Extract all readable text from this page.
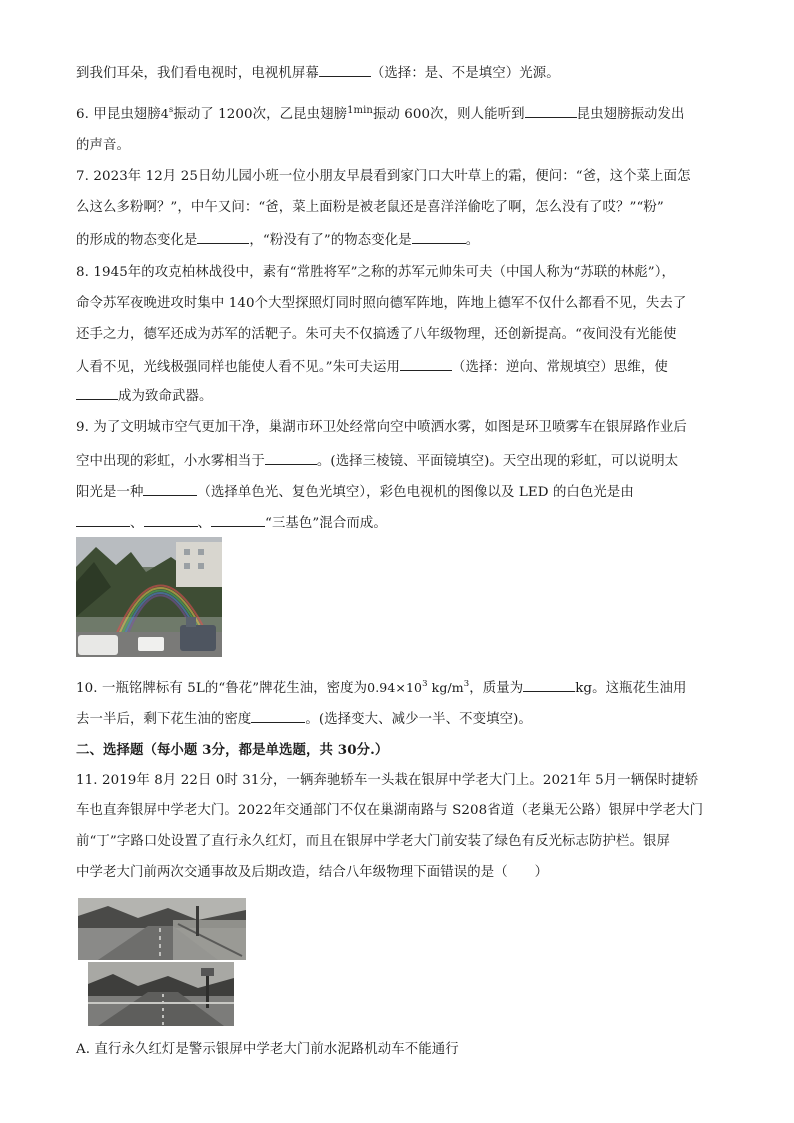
到我们耳朵，我们看电视时，电视机屏幕	（选择：是、不是填空）光源。
6. 甲昆虫翅膀4$^s$振动了 1200次，乙昆虫翅膀$^{1min}$振动 600次，则人能听到	昆虫翅膀振动发出
的声音。
7. 2023年 12月 25日幼儿园小班一位小朋友早晨看到家门口大叶草上的霜，便问：“爸，这个菜上面怎
么这么多粉啊？”，中午又问：“爸，菜上面粉是被老鼠还是喜洋洋偷吃了啊，怎么没有了哎？”“粉”
的形成的物态变化是	，“粉没有了”的物态变化是	。
8. 1945年的攻克柏林战役中，素有“常胜将军”之称的苏军元帅朱可夫（中国人称为“苏联的林彪”），
命令苏军夜晚进攻时集中 140个大型探照灯同时照向德军阵地，阵地上德军不仅什么都看不见，失去了
还手之力，德军还成为苏军的活靶子。朱可夫不仅搞透了八年级物理，还创新提高。“夜间没有光能使
人看不见，光线极强同样也能使人看不见。”朱可夫运用	（选择：逆向、常规填空）思维，使
成为致命武器。
9. 为了文明城市空气更加干净，巢湖市环卫处经常向空中喷洒水雾，如图是环卫喷雾车在银屏路作业后
空中出现的彩虹，小水雾相当于	。(选择三棱镜、平面镜填空)。天空出现的彩虹，可以说明太
阳光是一种	（选择单色光、复色光填空），彩色电视机的图像以及 LED 的白色光是由
、	、	“三基色”混合而成。
10. 一瓶铭牌标有 5L的“鲁花”牌花生油，密度为$0.94\times 10^3$ $kg/m^3$，质量为	kg。这瓶花生油用
去一半后，剩下花生油的密度	。(选择变大、减少一半、不变填空)。
二、选择题（每小题 3分，都是单选题，共 30分.）
11. 2019年 8月 22日 0时 31分，一辆奔驰轿车一头栽在银屏中学老大门上。2021年 5月一辆保时捷轿
车也直奔银屏中学老大门。2022年交通部门不仅在巢湖南路与 S208省道（老巢无公路）银屏中学老大门
前“丁”字路口处设置了直行永久红灯，而且在银屏中学老大门前安装了绿色有反光标志防护栏。银屏
中学老大门前两次交通事故及后期改造，结合八年级物理下面错误的是（　　）
A. 直行永久红灯是警示银屏中学老大门前水泥路机动车不能通行
